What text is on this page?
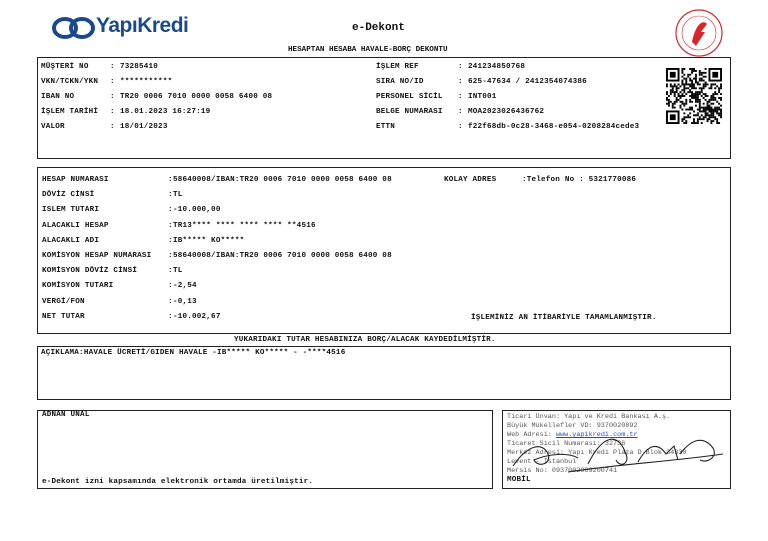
YapıKredi	e-Dekont
HESAPTAN HESABA HAVALE-BORÇ DEKONTU
MÜŞTERİ NO	: 73285410
VKN/TCKN/YKN : ***********
IBAN NO	: TR20 0006 7010 0000 0058 6400 08
İŞLEM TARİHİ : 18.01.2023 16:27:19
VALOR	: 18/01/2023
İŞLEM REF	: 241234850768
SIRA NO/ID	: 625-47634 / 2412354074386
PERSONEL SİCİL : INT001
BELGE NUMARASI : MOA2023026436762
ETTN	: f22f68db-0c28-3468-e054-0208284cede3
HESAP NUMARASI	: 58640008/IBAN:TR20 0006 7010 0000 0058 6400 08
DÖVİZ CİNSİ	: TL
ISLEM TUTARI	: -10.000,00
ALACAKLI HESAP	: TR13**** **** **** **** **4516
ALACAKLI ADI	: IB***** KO*****
KOMİSYON HESAP NUMARASI : 58640008/IBAN:TR20 0006 7010 0000 0058 6400 08
KOMİSYON DÖVİZ CİNSİ	: TL
KOMİSYON TUTARI	: -2,54
VERGİ/FON	: -0,13
NET TUTAR	: -10.002,67
KOLAY ADRES	:Telefon No : 5321770086
İŞLEMİNİZ AN İTİBARİYLE TAMAMLANMIŞTIR.
YUKARIDAKI TUTAR HESABINIZA BORÇ/ALACAK KAYDEDİLMİŞTİR.
AÇIKLAMA:HAVALE ÜCRETİ/GIDEN HAVALE -IB***** KO***** - -****4516
ADNAN ÜNAL
e-Dekont izni kapsamında elektronik ortamda üretilmiştir.
Ticari Ünvan: Yapı ve Kredi Bankası A.ş.
Büyük Mükellefler VD: 9370020892
Web Adresi: www.yapikredi.com.tr
Ticaret Sicil Numarası: 32736
Merkez Adresi: Yapı Kredi Plaza D Blok 34330
Levent - İstanbul
Mersis No: 0937002089200741
MOBİL
